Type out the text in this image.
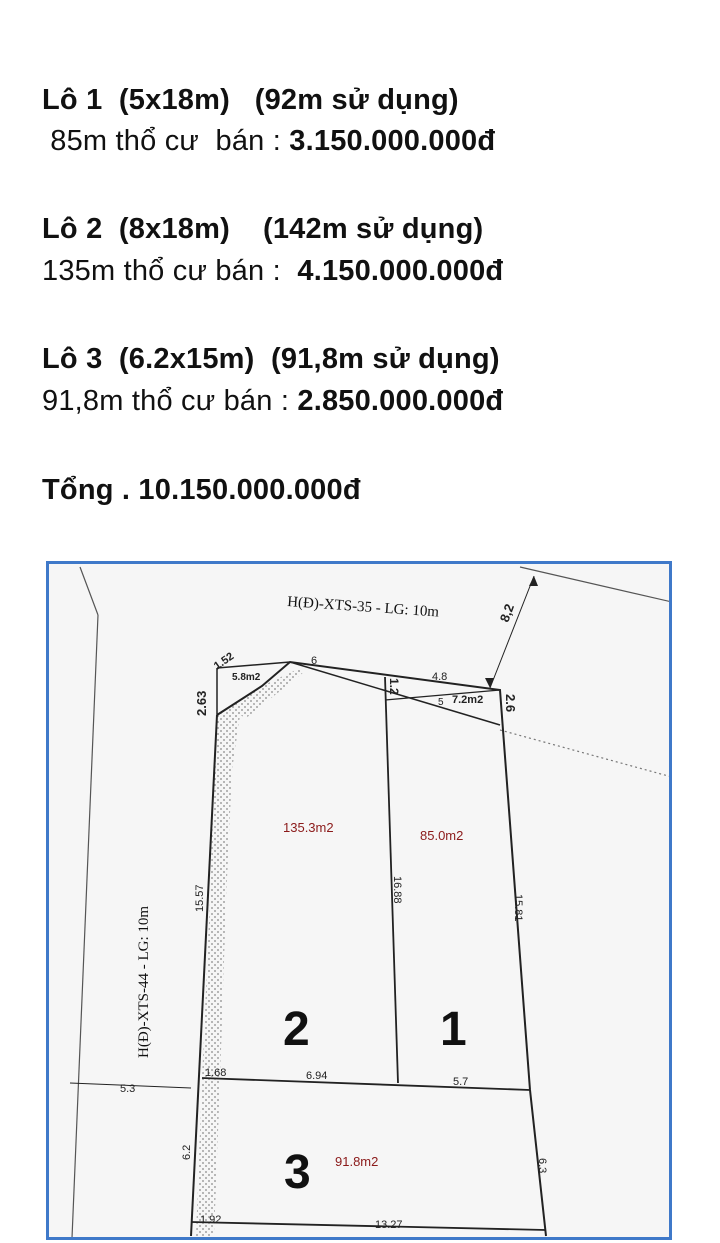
Lô 1  (5x18m)   (92m sử dụng)
85m thổ cư  bán : 3.150.000.000đ
Lô 2  (8x18m)    (142m sử dụng)
135m thổ cư bán :  4.150.000.000đ
Lô 3  (6.2x15m)  (91,8m sử dụng)
91,8m thổ cư bán : 2.850.000.000đ
Tổng . 10.150.000.000đ
H(Đ)-XTS-35 - LG: 10m
H(Đ)-XTS-44 - LG: 10m
135.3m2
85.0m2
91.8m2
5.8m2
7.2m2
2	1
3
1.52	6
4.8
5
1.2
2.6
2.63
8,2
15.57	16.88
15.81
1.68	6.94	5.7
5.3
6.2
6.3
1.92	13.27
